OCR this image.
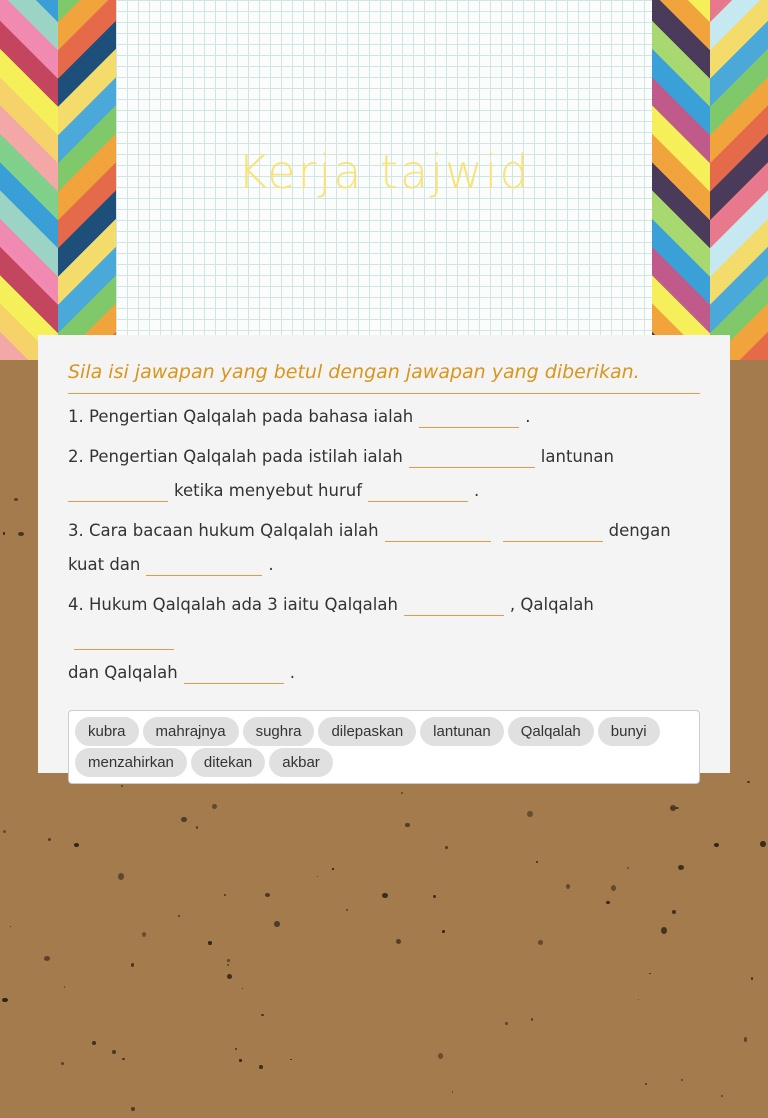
Kerja tajwid
Sila isi jawapan yang betul dengan jawapan yang diberikan.
1. Pengertian Qalqalah pada bahasa ialah	.
2. Pengertian Qalqalah pada istilah ialah	lantunan
ketika menyebut huruf	.
3. Cara bacaan hukum Qalqalah ialah	dengan kuat dan	.
4. Hukum Qalqalah ada 3 iaitu Qalqalah	, Qalqalah
dan Qalqalah	.
kubra mahrajnya sughra dilepaskan lantunan Qalqalah bunyimenzahirkan ditekan akbar
